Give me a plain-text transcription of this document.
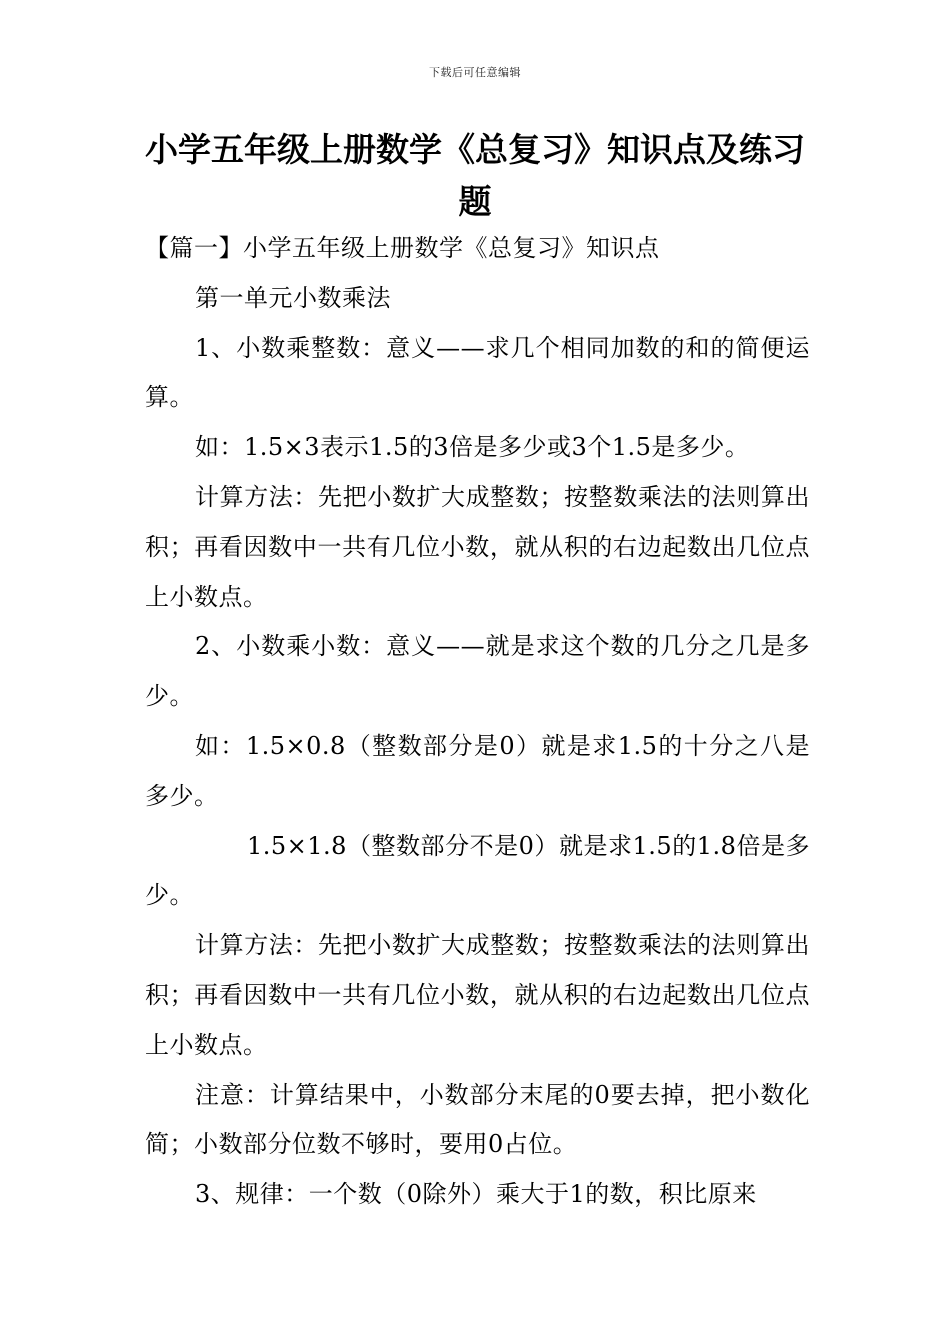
下载后可任意编辑
小学五年级上册数学《总复习》知识点及练习题

【篇一】小学五年级上册数学《总复习》知识点

第一单元小数乘法

1、小数乘整数：意义——求几个相同加数的和的简便运算。

如：1.5×3表示1.5的3倍是多少或3个1.5是多少。

计算方法：先把小数扩大成整数；按整数乘法的法则算出积；再看因数中一共有几位小数，就从积的右边起数出几位点上小数点。

2、小数乘小数：意义——就是求这个数的几分之几是多少。

如：1.5×0.8（整数部分是0）就是求1.5的十分之八是多少。

1.5×1.8（整数部分不是0）就是求1.5的1.8倍是多少。

计算方法：先把小数扩大成整数；按整数乘法的法则算出积；再看因数中一共有几位小数，就从积的右边起数出几位点上小数点。

注意：计算结果中，小数部分末尾的0要去掉，把小数化简；小数部分位数不够时，要用0占位。

3、规律：一个数（0除外）乘大于1的数，积比原来
